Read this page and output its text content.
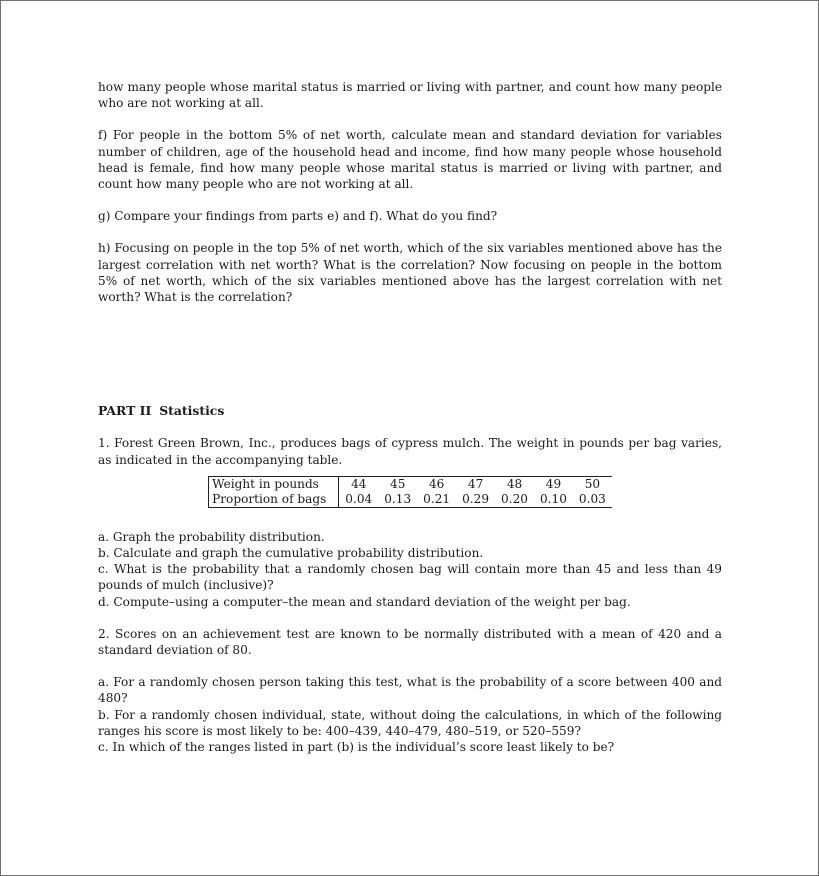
how many people whose marital status is married or living with partner, and count how many people who are not working at all.

f) For people in the bottom 5% of net worth, calculate mean and standard deviation for variables number of children, age of the household head and income, find how many people whose household head is female, find how many people whose marital status is married or living with partner, and count how many people who are not working at all.

g) Compare your findings from parts e) and f). What do you find?

h) Focusing on people in the top 5% of net worth, which of the six variables mentioned above has the largest correlation with net worth? What is the correlation? Now focusing on people in the bottom 5% of net worth, which of the six variables mentioned above has the largest correlation with net worth? What is the correlation?

PART II Statistics

1. Forest Green Brown, Inc., produces bags of cypress mulch. The weight in pounds per bag varies, as indicated in the accompanying table.

Weight in pounds	44	45	46	47	48	49	50
Proportion of bags	0.04	0.13	0.21	0.29	0.20	0.10	0.03

a. Graph the probability distribution.

b. Calculate and graph the cumulative probability distribution.

c. What is the probability that a randomly chosen bag will contain more than 45 and less than 49 pounds of mulch (inclusive)?

d. Compute–using a computer–the mean and standard deviation of the weight per bag.

2. Scores on an achievement test are known to be normally distributed with a mean of 420 and a standard deviation of 80.

a. For a randomly chosen person taking this test, what is the probability of a score between 400 and 480?

b. For a randomly chosen individual, state, without doing the calculations, in which of the following ranges his score is most likely to be: 400–439, 440–479, 480–519, or 520–559?

c. In which of the ranges listed in part (b) is the individual’s score least likely to be?
